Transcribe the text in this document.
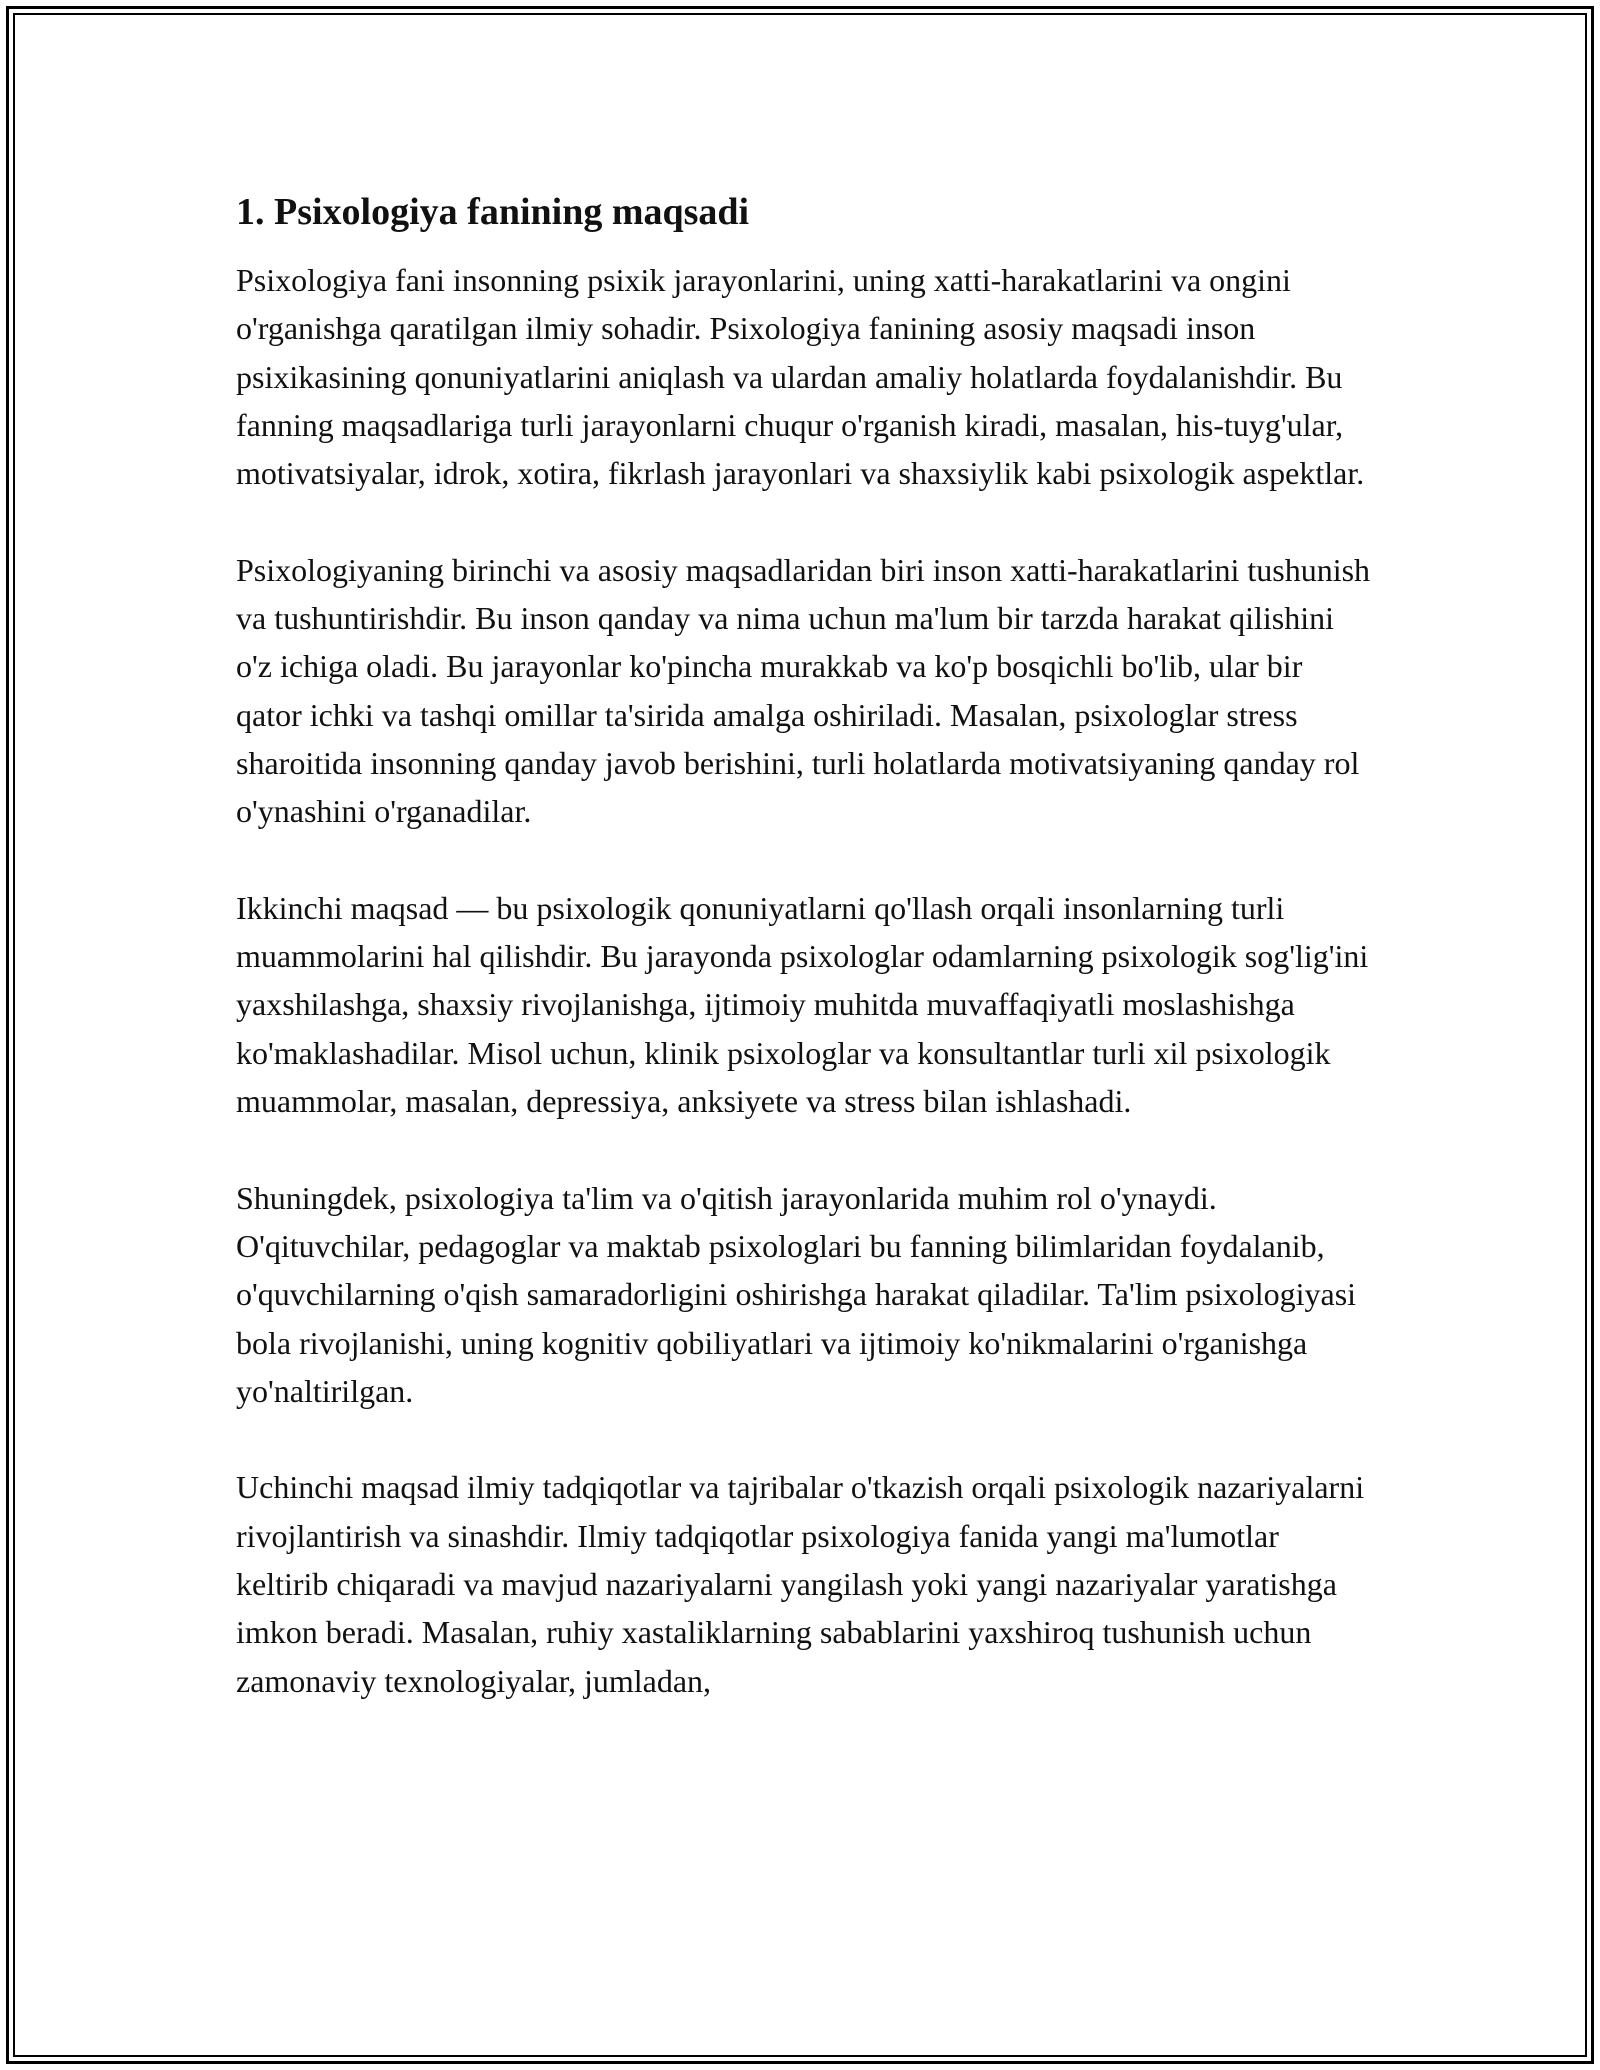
1. Psixologiya fanining maqsadi

Psixologiya fani insonning psixik jarayonlarini, uning xatti-harakatlarini va ongini o'rganishga qaratilgan ilmiy sohadir. Psixologiya fanining asosiy maqsadi inson psixikasining qonuniyatlarini aniqlash va ulardan amaliy holatlarda foydalanishdir. Bu fanning maqsadlariga turli jarayonlarni chuqur o'rganish kiradi, masalan, his-tuyg'ular, motivatsiyalar, idrok, xotira, fikrlash jarayonlari va shaxsiylik kabi psixologik aspektlar.

Psixologiyaning birinchi va asosiy maqsadlaridan biri inson xatti-harakatlarini tushunish va tushuntirishdir. Bu inson qanday va nima uchun ma'lum bir tarzda harakat qilishini o'z ichiga oladi. Bu jarayonlar ko'pincha murakkab va ko'p bosqichli bo'lib, ular bir qator ichki va tashqi omillar ta'sirida amalga oshiriladi. Masalan, psixologlar stress sharoitida insonning qanday javob berishini, turli holatlarda motivatsiyaning qanday rol o'ynashini o'rganadilar.

Ikkinchi maqsad — bu psixologik qonuniyatlarni qo'llash orqali insonlarning turli muammolarini hal qilishdir. Bu jarayonda psixologlar odamlarning psixologik sog'lig'ini yaxshilashga, shaxsiy rivojlanishga, ijtimoiy muhitda muvaffaqiyatli moslashishga ko'maklashadilar. Misol uchun, klinik psixologlar va konsultantlar turli xil psixologik muammolar, masalan, depressiya, anksiyete va stress bilan ishlashadi.

Shuningdek, psixologiya ta'lim va o'qitish jarayonlarida muhim rol o'ynaydi. O'qituvchilar, pedagoglar va maktab psixologlari bu fanning bilimlaridan foydalanib, o'quvchilarning o'qish samaradorligini oshirishga harakat qiladilar. Ta'lim psixologiyasi bola rivojlanishi, uning kognitiv qobiliyatlari va ijtimoiy ko'nikmalarini o'rganishga yo'naltirilgan.

Uchinchi maqsad ilmiy tadqiqotlar va tajribalar o'tkazish orqali psixologik nazariyalarni rivojlantirish va sinashdir. Ilmiy tadqiqotlar psixologiya fanida yangi ma'lumotlar keltirib chiqaradi va mavjud nazariyalarni yangilash yoki yangi nazariyalar yaratishga imkon beradi. Masalan, ruhiy xastaliklarning sabablarini yaxshiroq tushunish uchun zamonaviy texnologiyalar, jumladan,
